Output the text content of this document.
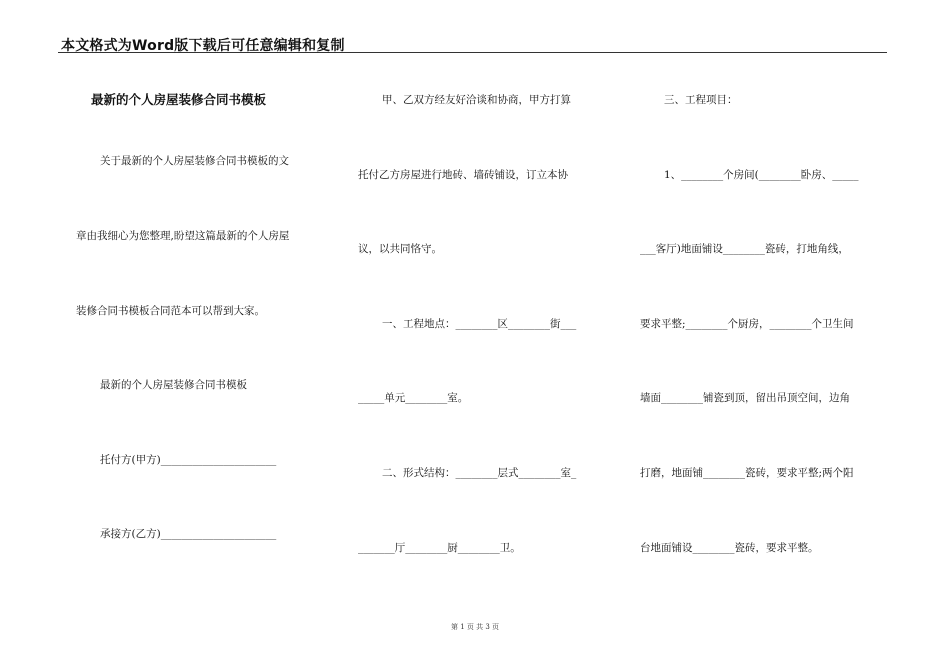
本文格式为Word版下载后可任意编辑和复制
最新的个人房屋装修合同书模板
关于最新的个人房屋装修合同书模板的文
章由我细心为您整理,盼望这篇最新的个人房屋
装修合同书模板合同范本可以帮到大家。
最新的个人房屋装修合同书模板
托付方(甲方)______________________
承接方(乙方)______________________
甲、乙双方经友好洽谈和协商，甲方打算
托付乙方房屋进行地砖、墙砖铺设，订立本协
议，以共同恪守。
一、工程地点：________区________街___
_____单元________室。
二、形式结构：________层式________室_
_______厅________厨________卫。
三、工程项目：
1、________个房间(________卧房、_____
___客厅)地面铺设________瓷砖，打地角线，
要求平整;________个厨房，________个卫生间
墙面________铺瓷到顶，留出吊顶空间，边角
打磨，地面铺________瓷砖，要求平整;两个阳
台地面铺设________瓷砖，要求平整。
第 1 页 共 3 页
